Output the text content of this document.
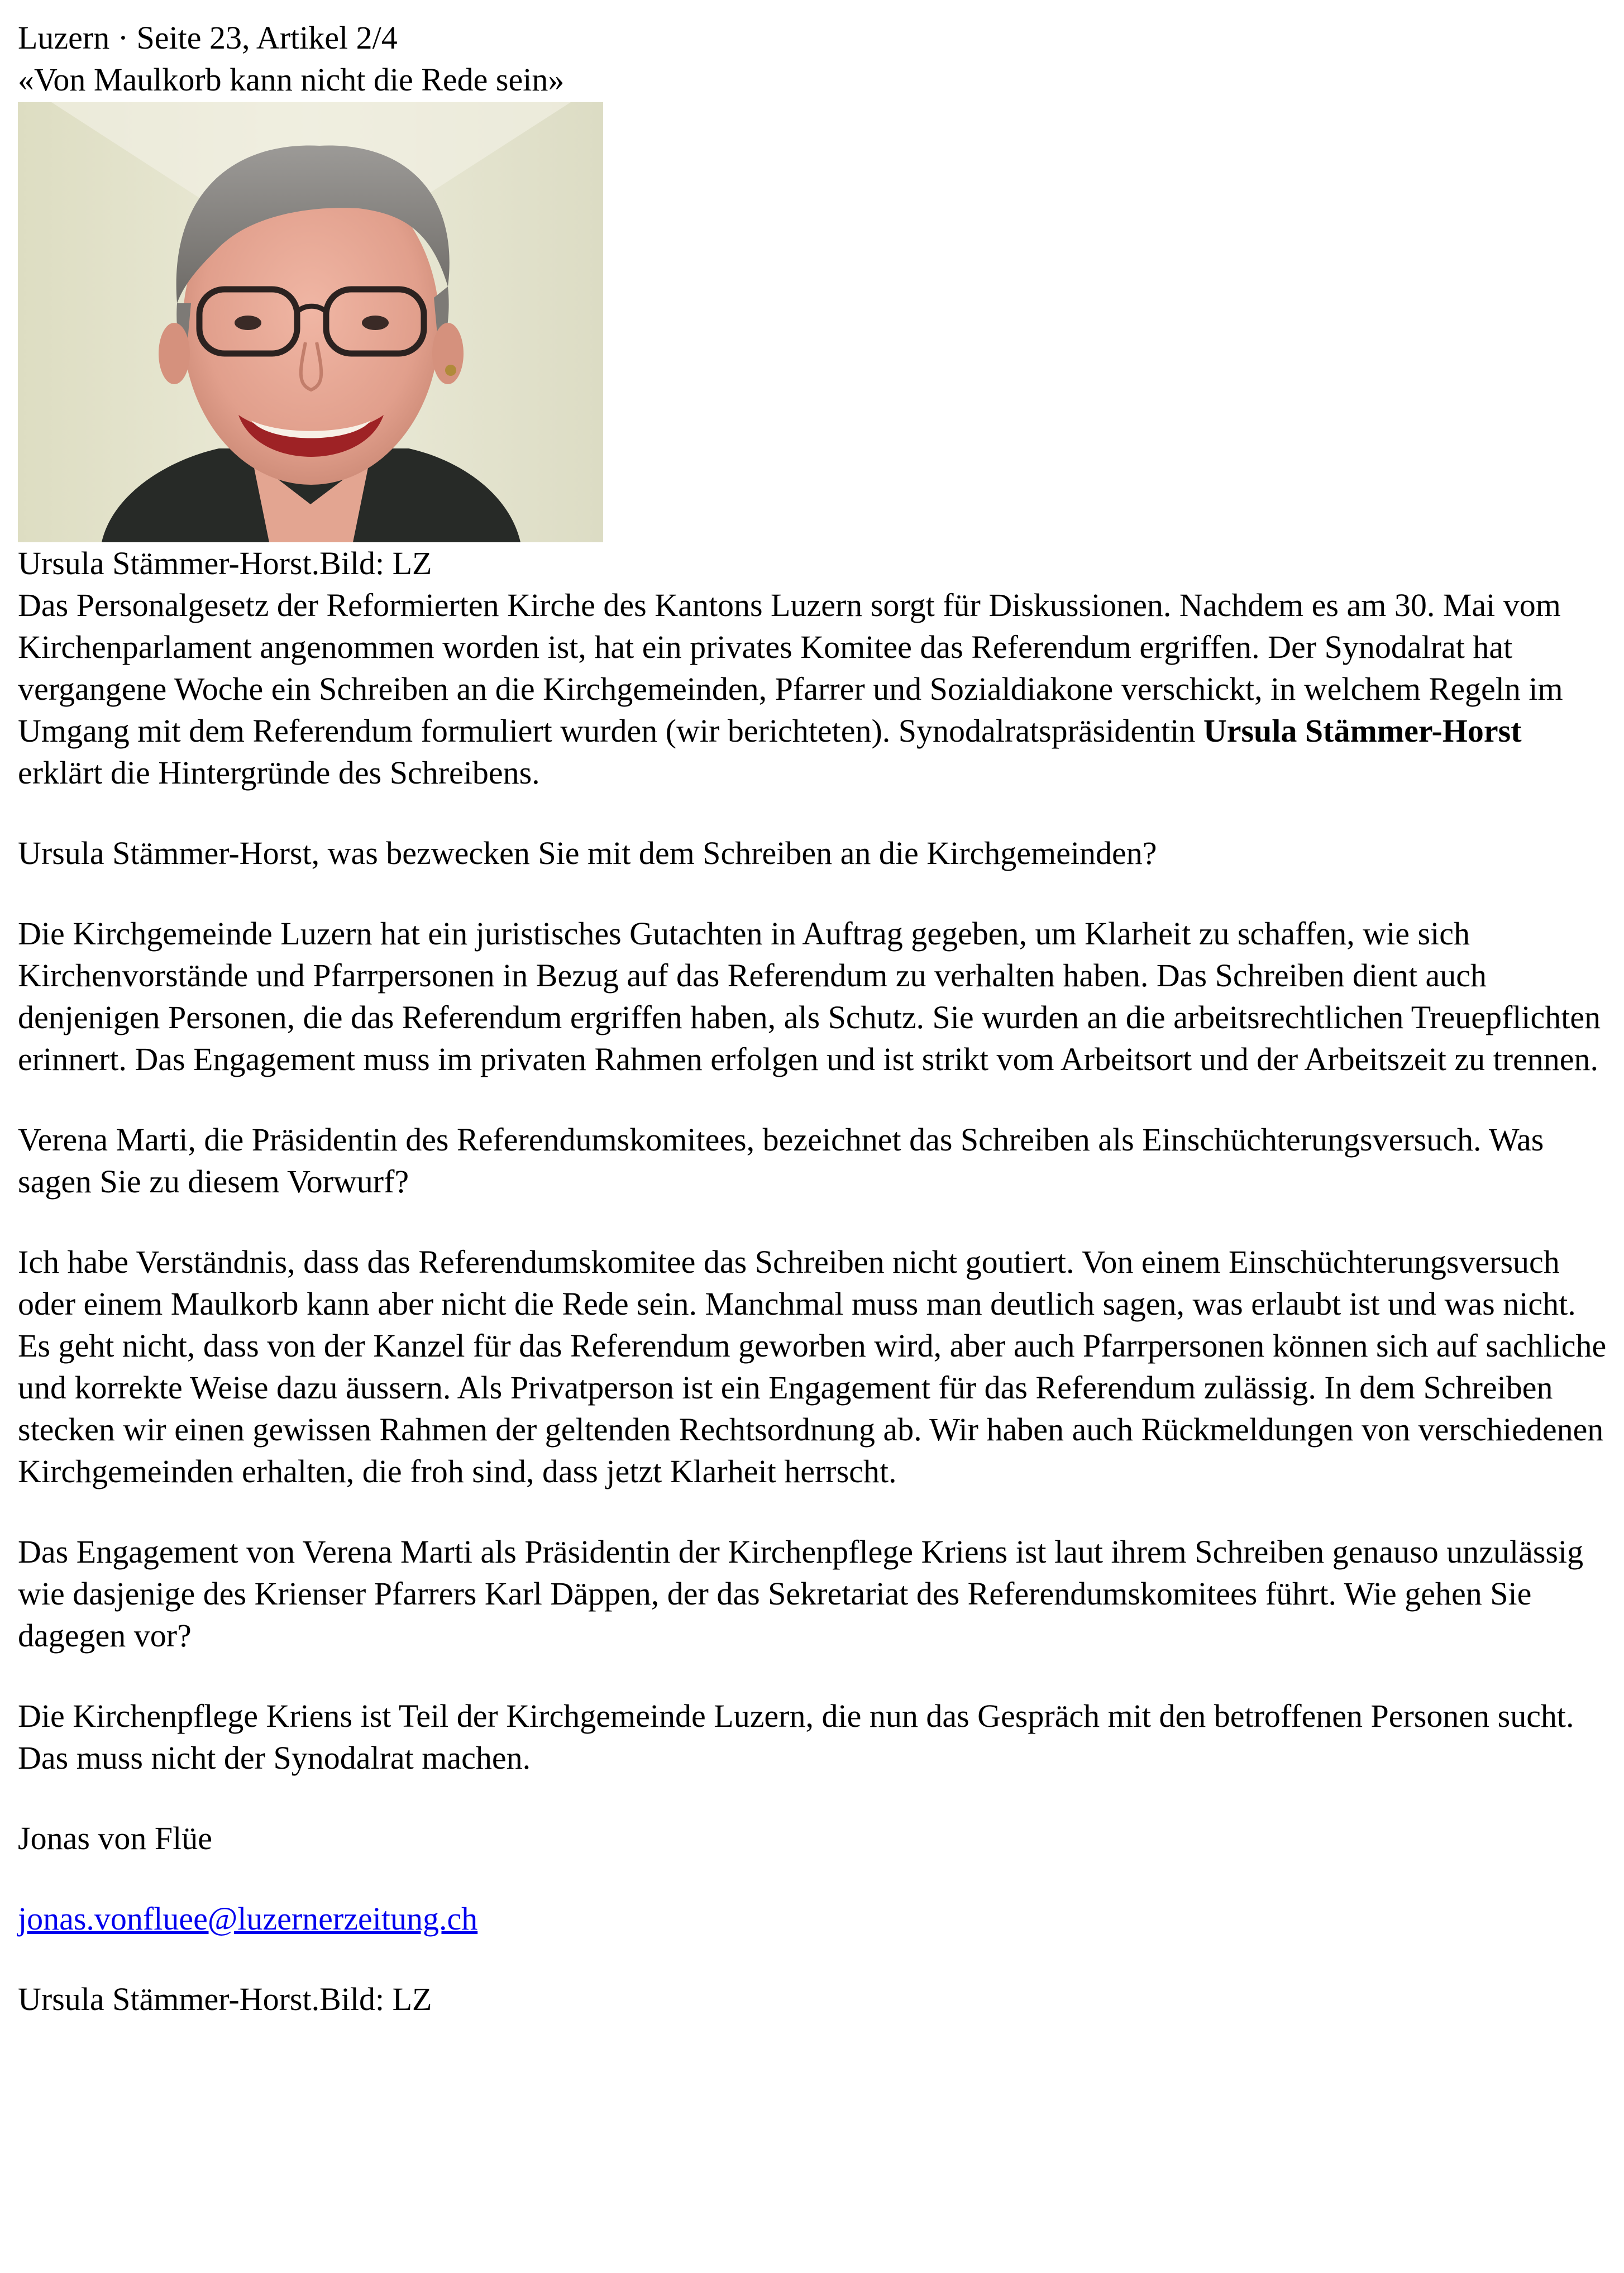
Luzern · Seite 23, Artikel 2/4
«Von Maulkorb kann nicht die Rede sein»
Ursula Stämmer-Horst.Bild: LZ

Das Personalgesetz der Reformierten Kirche des Kantons Luzern sorgt für Diskussionen. Nachdem es am 30. Mai vom Kirchenparlament angenommen worden ist, hat ein privates Komitee das Referendum ergriffen. Der Synodalrat hat vergangene Woche ein Schreiben an die Kirchgemeinden, Pfarrer und Sozialdiakone verschickt, in welchem Regeln im Umgang mit dem Referendum formuliert wurden (wir berichteten). Synodalratspräsidentin Ursula Stämmer-Horst erklärt die Hintergründe des Schreibens.

Ursula Stämmer-Horst, was bezwecken Sie mit dem Schreiben an die Kirchgemeinden?

Die Kirchgemeinde Luzern hat ein juristisches Gutachten in Auftrag gegeben, um Klarheit zu schaffen, wie sich Kirchenvorstände und Pfarrpersonen in Bezug auf das Referendum zu verhalten haben. Das Schreiben dient auch denjenigen Personen, die das Referendum ergriffen haben, als Schutz. Sie wurden an die arbeitsrechtlichen Treuepflichten erinnert. Das Engagement muss im privaten Rahmen erfolgen und ist strikt vom Arbeitsort und der Arbeitszeit zu trennen.

Verena Marti, die Präsidentin des Referendumskomitees, bezeichnet das Schreiben als Einschüchterungsversuch. Was sagen Sie zu diesem Vorwurf?

Ich habe Verständnis, dass das Referendumskomitee das Schreiben nicht goutiert. Von einem Einschüchterungsversuch oder einem Maulkorb kann aber nicht die Rede sein. Manchmal muss man deutlich sagen, was erlaubt ist und was nicht. Es geht nicht, dass von der Kanzel für das Referendum geworben wird, aber auch Pfarrpersonen können sich auf sachliche und korrekte Weise dazu äussern. Als Privatperson ist ein Engagement für das Referendum zulässig. In dem Schreiben stecken wir einen gewissen Rahmen der geltenden Rechtsordnung ab. Wir haben auch Rückmeldungen von verschiedenen Kirchgemeinden erhalten, die froh sind, dass jetzt Klarheit herrscht.

Das Engagement von Verena Marti als Präsidentin der Kirchenpflege Kriens ist laut ihrem Schreiben genauso unzulässig wie dasjenige des Krienser Pfarrers Karl Däppen, der das Sekretariat des Referendumskomitees führt. Wie gehen Sie dagegen vor?

Die Kirchenpflege Kriens ist Teil der Kirchgemeinde Luzern, die nun das Gespräch mit den betroffenen Personen sucht. Das muss nicht der Synodalrat machen.

Jonas von Flüe

jonas.vonfluee@luzernerzeitung.ch

Ursula Stämmer-Horst.Bild: LZ
